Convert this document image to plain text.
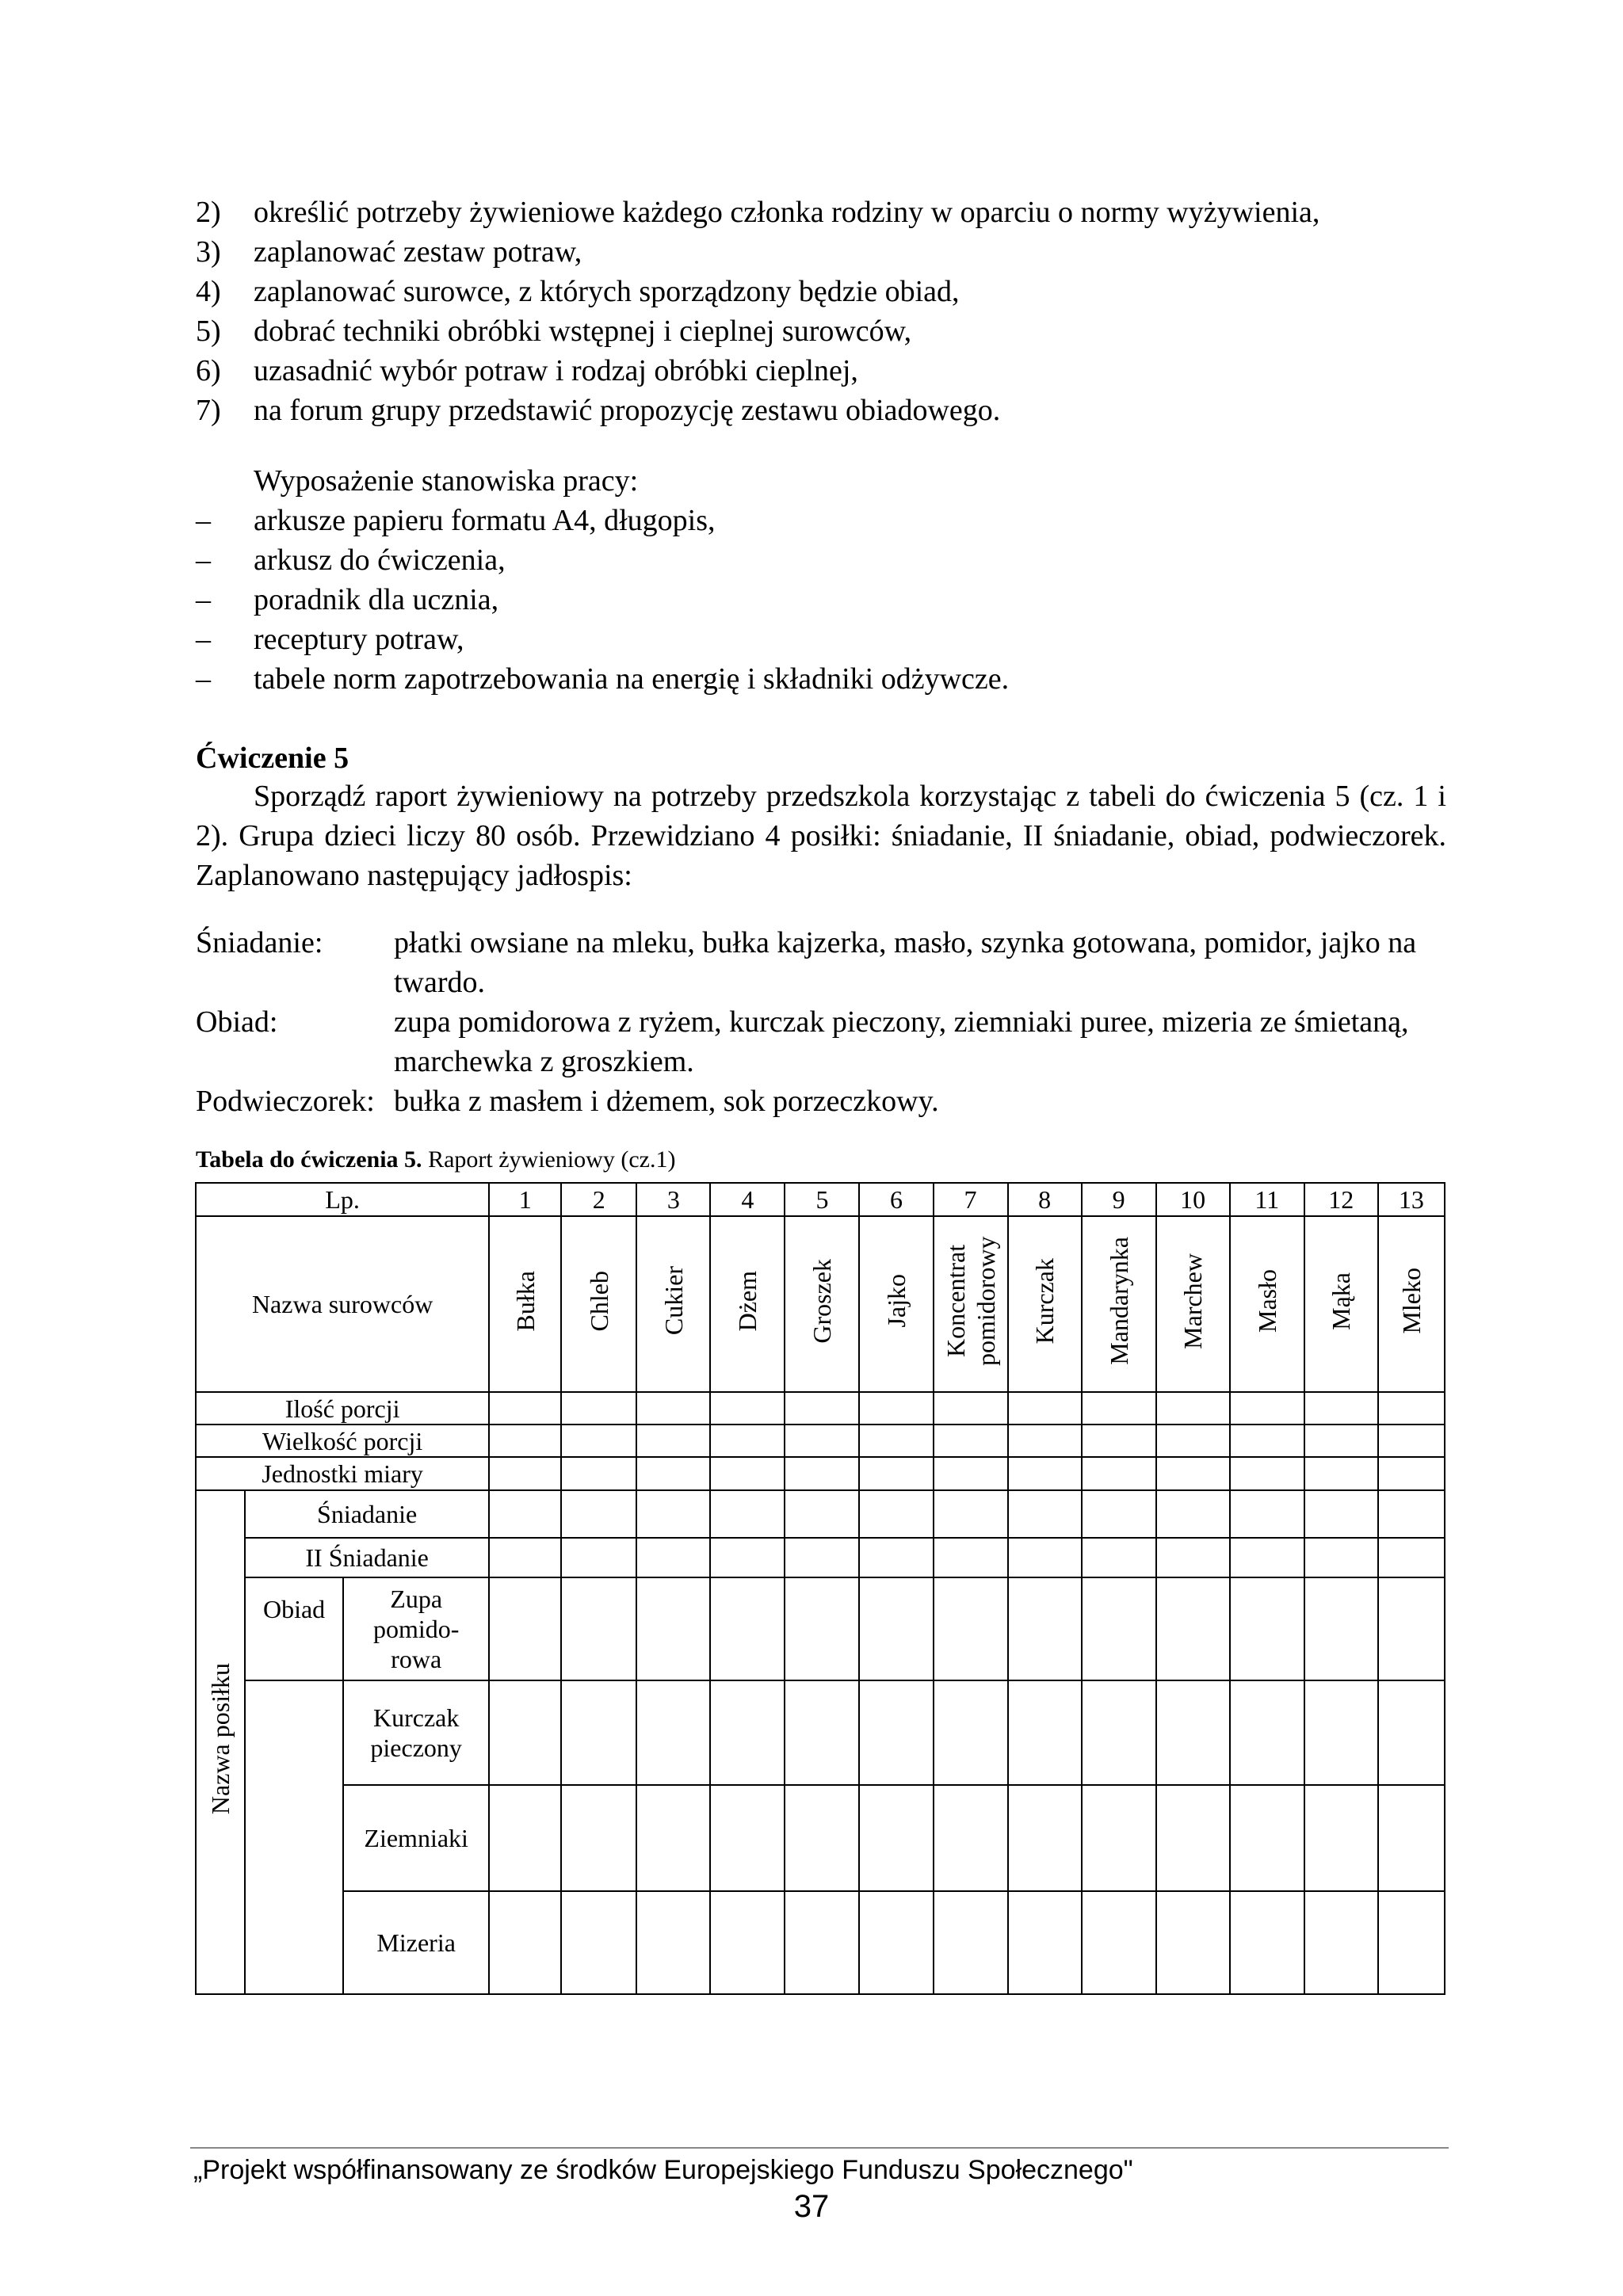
2)	określić potrzeby żywieniowe każdego członka rodziny w oparciu o normy wyżywienia,
3)	zaplanować zestaw potraw,
4)	zaplanować surowce, z których sporządzony będzie obiad,
5)	dobrać techniki obróbki wstępnej i cieplnej surowców,
6)	uzasadnić wybór potraw i rodzaj obróbki cieplnej,
7)	na forum grupy przedstawić propozycję zestawu obiadowego.
Wyposażenie stanowiska pracy:
–	arkusze papieru formatu A4, długopis,
–	arkusz do ćwiczenia,
–	poradnik dla ucznia,
–	receptury potraw,
–	tabele norm zapotrzebowania na energię i składniki odżywcze.
Ćwiczenie 5
Sporządź raport żywieniowy na potrzeby przedszkola korzystając z tabeli do ćwiczenia 5 (cz. 1 i 2). Grupa dzieci liczy 80 osób. Przewidziano 4 posiłki: śniadanie, II śniadanie, obiad, podwieczorek. Zaplanowano następujący jadłospis:
Śniadanie:	płatki owsiane na mleku, bułka kajzerka, masło, szynka gotowana, pomidor, jajko na twardo.
Obiad:	zupa pomidorowa z ryżem, kurczak pieczony, ziemniaki puree, mizeria ze śmietaną, marchewka z groszkiem.
Podwieczorek: bułka z masłem i dżemem, sok porzeczkowy.
Tabela do ćwiczenia 5. Raport żywieniowy (cz.1)
Lp.			1	2	3	4	5	6	7	8	9	10	11	12	13
Nazwa surowców			Bułka	Chleb	Cukier	Dżem	Groszek	Jajko	Koncentrat pomidorowy	Kurczak	Mandarynka	Marchew	Masło	Mąka	Mleko
Ilość porcji															
Wielkość porcji															
Jednostki miary															
Nazwa posiłku	Śniadanie														
	II Śniadanie														
	Obiad	Zupa pomido-rowa													
		Kurczak pieczony													
		Ziemniaki													
		Mizeria													
„Projekt współfinansowany ze środków Europejskiego Funduszu Społecznego"
37
